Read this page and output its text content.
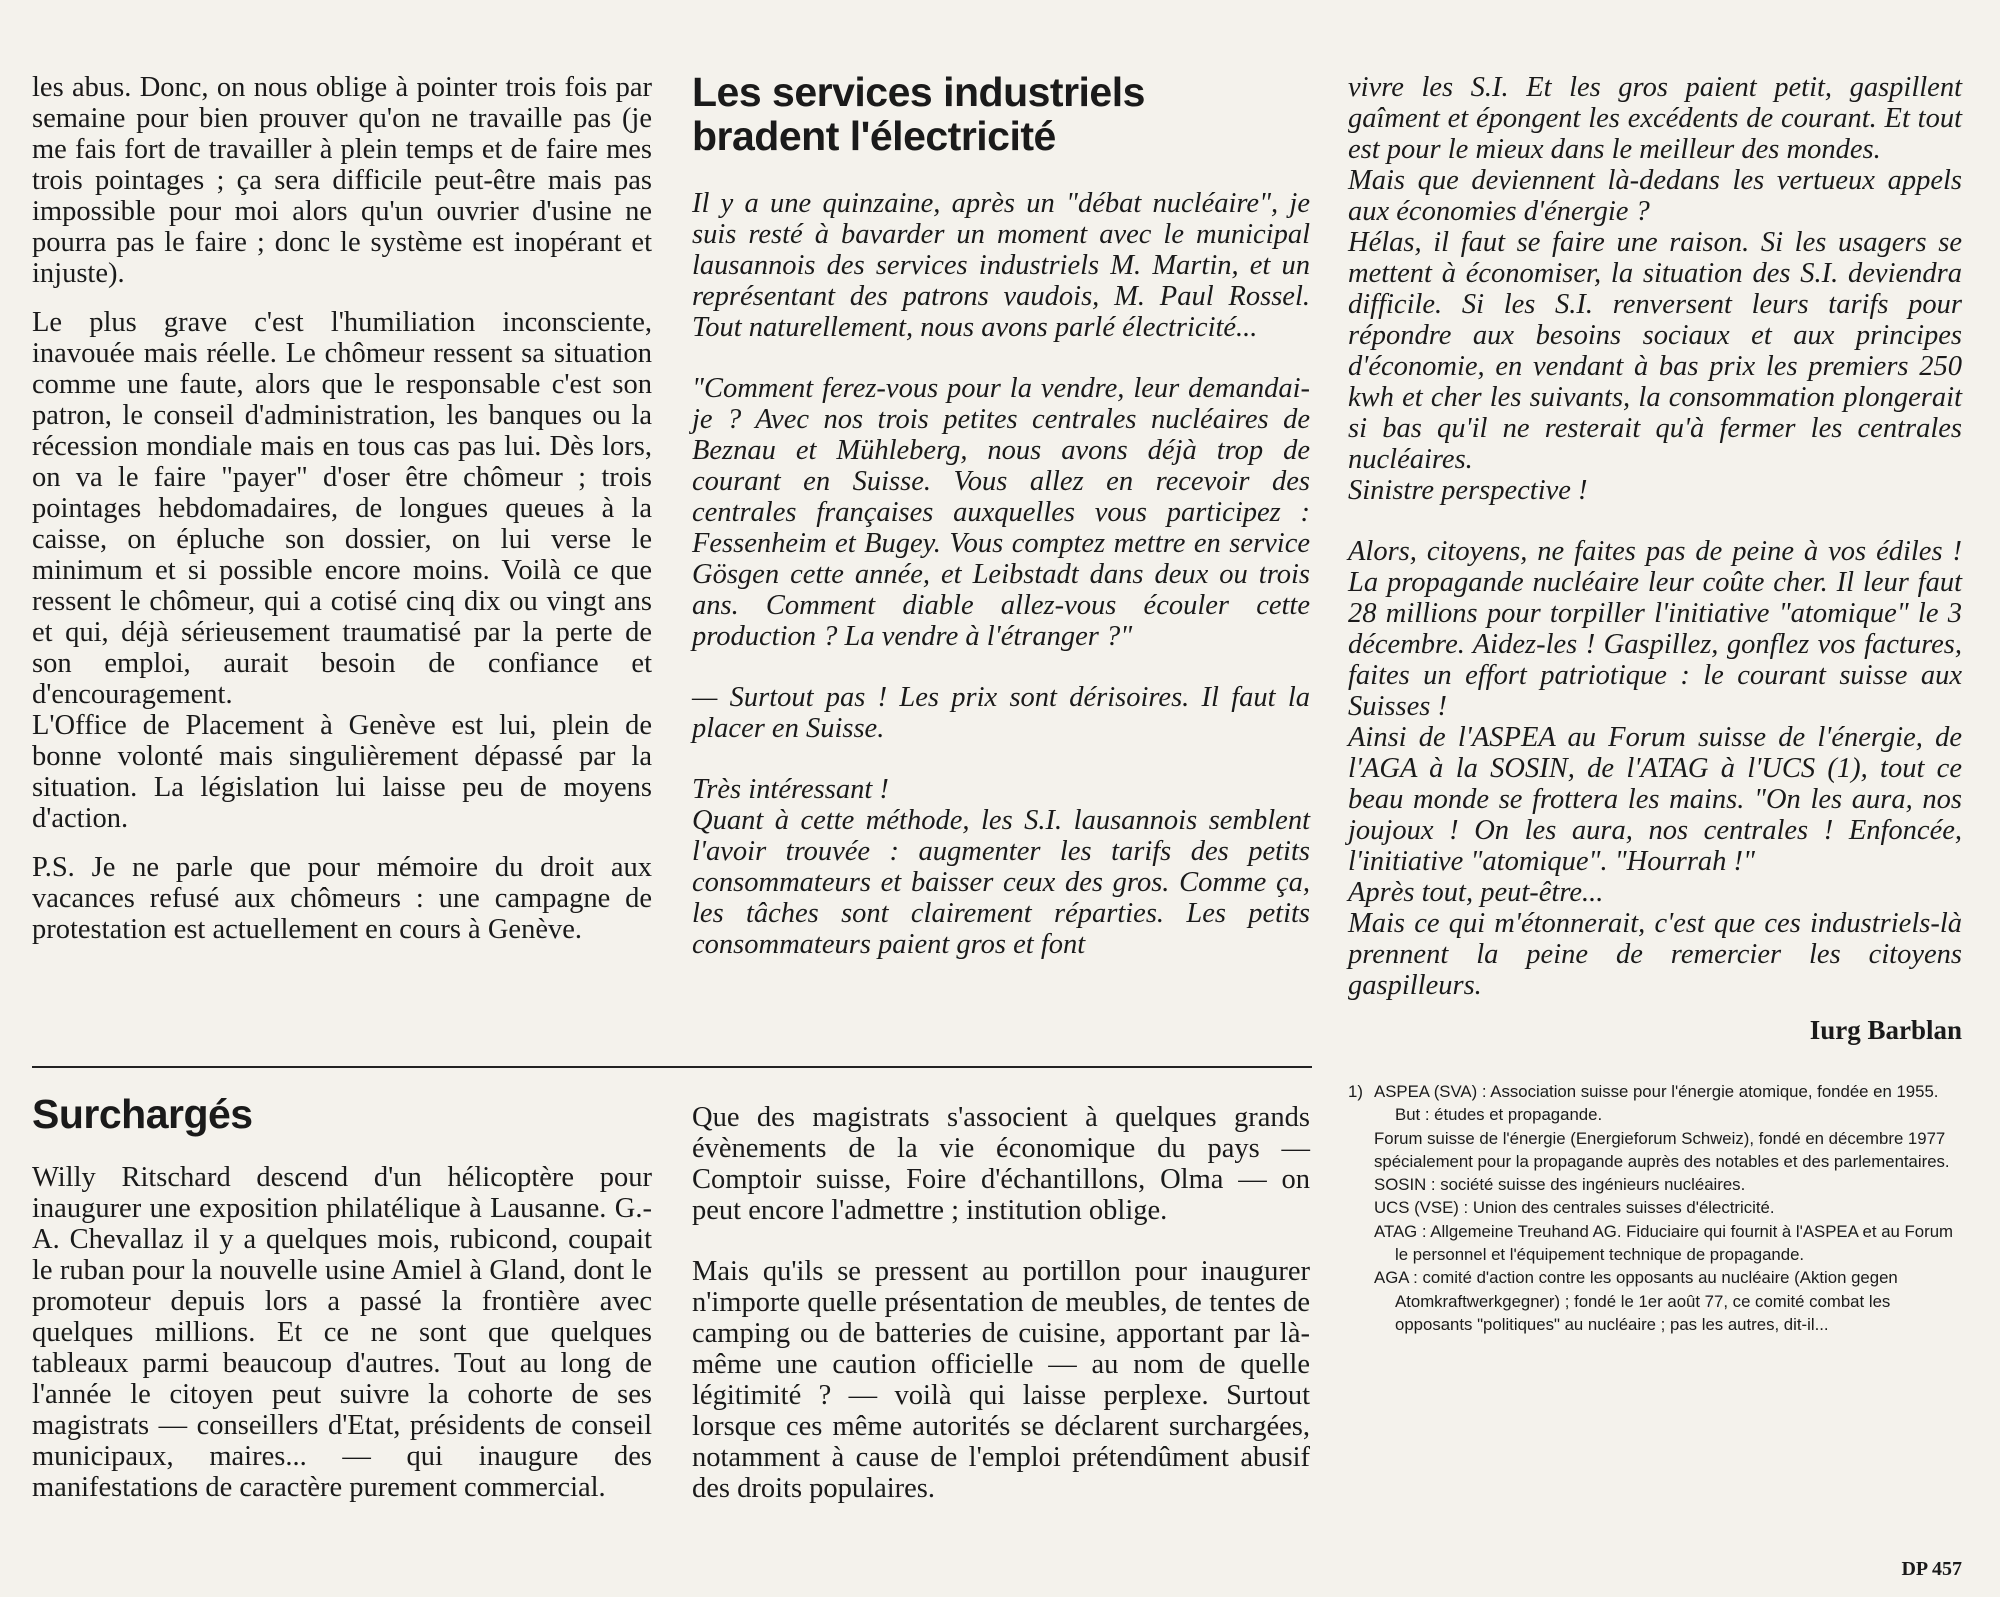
les abus. Donc, on nous oblige à pointer trois fois par semaine pour bien prouver qu'on ne travaille pas (je me fais fort de travailler à plein temps et de faire mes trois pointages ; ça sera difficile peut-être mais pas impossible pour moi alors qu'un ouvrier d'usine ne pourra pas le faire ; donc le système est inopérant et injuste).

Le plus grave c'est l'humiliation inconsciente, inavouée mais réelle. Le chômeur ressent sa situation comme une faute, alors que le responsable c'est son patron, le conseil d'administration, les banques ou la récession mondiale mais en tous cas pas lui. Dès lors, on va le faire "payer" d'oser être chômeur ; trois pointages hebdomadaires, de longues queues à la caisse, on épluche son dossier, on lui verse le minimum et si possible encore moins. Voilà ce que ressent le chômeur, qui a cotisé cinq dix ou vingt ans et qui, déjà sérieusement traumatisé par la perte de son emploi, aurait besoin de confiance et d'encouragement.

L'Office de Placement à Genève est lui, plein de bonne volonté mais singulièrement dépassé par la situation. La législation lui laisse peu de moyens d'action.

P.S. Je ne parle que pour mémoire du droit aux vacances refusé aux chômeurs : une campagne de protestation est actuellement en cours à Genève.

Les services industriels
bradent l'électricité

Il y a une quinzaine, après un "débat nucléaire", je suis resté à bavarder un moment avec le municipal lausannois des services industriels M. Martin, et un représentant des patrons vaudois, M. Paul Rossel. Tout naturellement, nous avons parlé électricité...

"Comment ferez-vous pour la vendre, leur demandai-je ? Avec nos trois petites centrales nucléaires de Beznau et Mühleberg, nous avons déjà trop de courant en Suisse. Vous allez en recevoir des centrales françaises auxquelles vous participez : Fessenheim et Bugey. Vous comptez mettre en service Gösgen cette année, et Leibstadt dans deux ou trois ans. Comment diable allez-vous écouler cette production ? La vendre à l'étranger ?"

— Surtout pas ! Les prix sont dérisoires. Il faut la placer en Suisse.

Très intéressant !

Quant à cette méthode, les S.I. lausannois semblent l'avoir trouvée : augmenter les tarifs des petits consommateurs et baisser ceux des gros. Comme ça, les tâches sont clairement réparties. Les petits consommateurs paient gros et font

vivre les S.I. Et les gros paient petit, gaspillent gaîment et épongent les excédents de courant. Et tout est pour le mieux dans le meilleur des mondes.

Mais que deviennent là-dedans les vertueux appels aux économies d'énergie ?

Hélas, il faut se faire une raison. Si les usagers se mettent à économiser, la situation des S.I. deviendra difficile. Si les S.I. renversent leurs tarifs pour répondre aux besoins sociaux et aux principes d'économie, en vendant à bas prix les premiers 250 kwh et cher les suivants, la consommation plongerait si bas qu'il ne resterait qu'à fermer les centrales nucléaires.

Sinistre perspective !

Alors, citoyens, ne faites pas de peine à vos édiles ! La propagande nucléaire leur coûte cher. Il leur faut 28 millions pour torpiller l'initiative "atomique" le 3 décembre. Aidez-les ! Gaspillez, gonflez vos factures, faites un effort patriotique : le courant suisse aux Suisses !

Ainsi de l'ASPEA au Forum suisse de l'énergie, de l'AGA à la SOSIN, de l'ATAG à l'UCS (1), tout ce beau monde se frottera les mains. "On les aura, nos joujoux ! On les aura, nos centrales ! Enfoncée, l'initiative "atomique". "Hourrah !"

Après tout, peut-être...

Mais ce qui m'étonnerait, c'est que ces industriels-là prennent la peine de remercier les citoyens gaspilleurs.

Iurg Barblan

1) ASPEA (SVA) : Association suisse pour l'énergie atomique, fondée en 1955. But : études et propagande.
Forum suisse de l'énergie (Energieforum Schweiz), fondé en décembre 1977 spécialement pour la propagande auprès des notables et des parlementaires.
SOSIN : société suisse des ingénieurs nucléaires.
UCS (VSE) : Union des centrales suisses d'électricité.
ATAG : Allgemeine Treuhand AG. Fiduciaire qui fournit à l'ASPEA et au Forum le personnel et l'équipement technique de propagande.
AGA : comité d'action contre les opposants au nucléaire (Aktion gegen Atomkraftwerkgegner) ; fondé le 1er août 77, ce comité combat les opposants "politiques" au nucléaire ; pas les autres, dit-il...
Surchargés

Willy Ritschard descend d'un hélicoptère pour inaugurer une exposition philatélique à Lausanne. G.-A. Chevallaz il y a quelques mois, rubicond, coupait le ruban pour la nouvelle usine Amiel à Gland, dont le promoteur depuis lors a passé la frontière avec quelques millions. Et ce ne sont que quelques tableaux parmi beaucoup d'autres. Tout au long de l'année le citoyen peut suivre la cohorte de ses magistrats — conseillers d'Etat, présidents de conseil municipaux, maires... — qui inaugure des manifestations de caractère purement commercial.

Que des magistrats s'associent à quelques grands évènements de la vie économique du pays — Comptoir suisse, Foire d'échantillons, Olma — on peut encore l'admettre ; institution oblige.

Mais qu'ils se pressent au portillon pour inaugurer n'importe quelle présentation de meubles, de tentes de camping ou de batteries de cuisine, apportant par là-même une caution officielle — au nom de quelle légitimité ? — voilà qui laisse perplexe. Surtout lorsque ces même autorités se déclarent surchargées, notamment à cause de l'emploi prétendûment abusif des droits populaires.

DP 457
